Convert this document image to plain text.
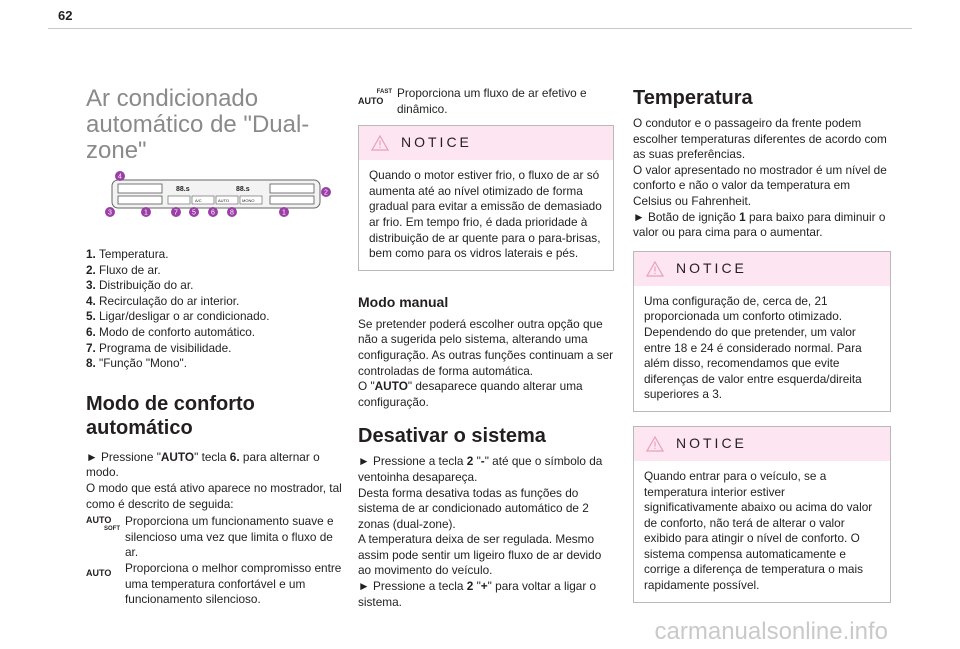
62
Ar condicionado automático de "Dual-zone"
88.s	88.s
A/C	AUTO	MONO
4
2
3	1	7 5 6 8	1
1. Temperatura.
2. Fluxo de ar.
3. Distribuição do ar.
4. Recirculação do ar interior.
5. Ligar/desligar o ar condicionado.
6. Modo de conforto automático.
7. Programa de visibilidade.
8. "Função "Mono".
Modo de conforto automático

► Pressione "AUTO" tecla 6. para alternar o modo.

O modo que está ativo aparece no mostrador, tal como é descrito de seguida:

AUTO
SOFT

Proporciona um funcionamento suave e silencioso uma vez que limita o fluxo de ar.

AUTO	Proporciona o melhor compromisso entre uma temperatura confortável e um funcionamento silencioso.

FAST
AUTO

Proporciona um fluxo de ar efetivo e dinâmico.

NOTICE
Quando o motor estiver frio, o fluxo de ar só aumenta até ao nível otimizado de forma gradual para evitar a emissão de demasiado ar frio. Em tempo frio, é dada prioridade à distribuição de ar quente para o para-brisas, bem como para os vidros laterais e pés.
Modo manual

Se pretender poderá escolher outra opção que não a sugerida pelo sistema, alterando uma configuração. As outras funções continuam a ser controladas de forma automática.

O "AUTO" desaparece quando alterar uma configuração.

Desativar o sistema

► Pressione a tecla 2 "-" até que o símbolo da ventoinha desapareça.

Desta forma desativa todas as funções do sistema de ar condicionado automático de 2 zonas (dual-zone).

A temperatura deixa de ser regulada. Mesmo assim pode sentir um ligeiro fluxo de ar devido ao movimento do veículo.

► Pressione a tecla 2 "+" para voltar a ligar o sistema.

Temperatura

O condutor e o passageiro da frente podem escolher temperaturas diferentes de acordo com as suas preferências.

O valor apresentado no mostrador é um nível de conforto e não o valor da temperatura em Celsius ou Fahrenheit.

► Botão de ignição 1 para baixo para diminuir o valor ou para cima para o aumentar.

NOTICE
Uma configuração de, cerca de, 21 proporcionada um conforto otimizado. Dependendo do que pretender, um valor entre 18 e 24 é considerado normal. Para além disso, recomendamos que evite diferenças de valor entre esquerda/direita superiores a 3.
NOTICE
Quando entrar para o veículo, se a temperatura interior estiver significativamente abaixo ou acima do valor de conforto, não terá de alterar o valor exibido para atingir o nível de conforto. O sistema compensa automaticamente e corrige a diferença de temperatura o mais rapidamente possível.
carmanualsonline.info
